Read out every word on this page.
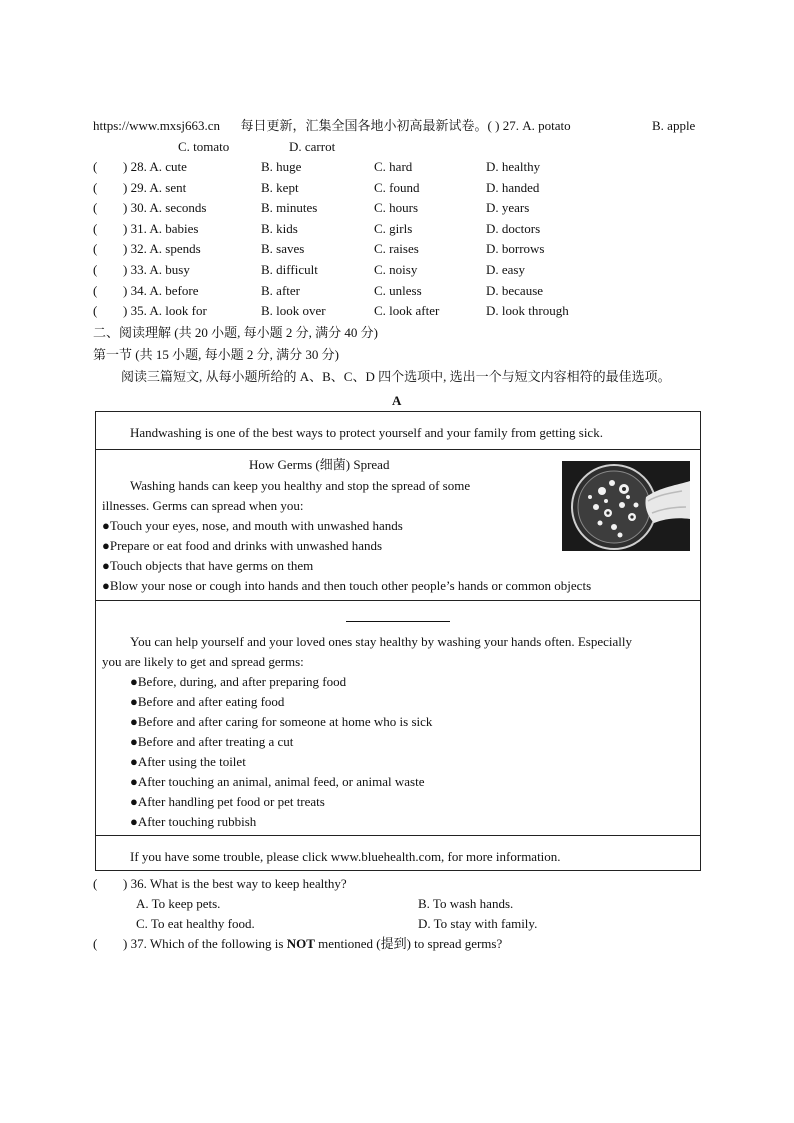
https://www.mxsj663.cn 每日更新，汇集全国各地小初高最新试卷。( ) 27. A. potato	B. apple
C. tomato	D. carrot
( ) 28. A. cute	B. huge	C. hard	D. healthy
( ) 29. A. sent	B. kept	C. found	D. handed
( ) 30. A. seconds	B. minutes	C. hours	D. years
( ) 31. A. babies	B. kids	C. girls	D. doctors
( ) 32. A. spends	B. saves	C. raises	D. borrows
( ) 33. A. busy	B. difficult	C. noisy	D. easy
( ) 34. A. before	B. after	C. unless	D. because
( ) 35. A. look for	B. look over	C. look after	D. look through
二、阅读理解 (共 20 小题, 每小题 2 分, 满分 40 分)
第一节 (共 15 小题, 每小题 2 分, 满分 30 分)
阅读三篇短文, 从每小题所给的 A、B、C、D 四个选项中, 选出一个与短文内容相符的最佳选项。
A
Handwashing is one of the best ways to protect yourself and your family from getting sick.
How Germs (细菌) Spread
Washing hands can keep you healthy and stop the spread of some
illnesses. Germs can spread when you:
●Touch your eyes, nose, and mouth with unwashed hands
●Prepare or eat food and drinks with unwashed hands
●Touch objects that have germs on them
●Blow your nose or cough into hands and then touch other people’s hands or common objects
You can help yourself and your loved ones stay healthy by washing your hands often. Especially
you are likely to get and spread germs:
●Before, during, and after preparing food
●Before and after eating food
●Before and after caring for someone at home who is sick
●Before and after treating a cut
●After using the toilet
●After touching an animal, animal feed, or animal waste
●After handling pet food or pet treats
●After touching rubbish
If you have some trouble, please click www.bluehealth.com, for more information.
( ) 36. What is the best way to keep healthy?
A. To keep pets.	B. To wash hands.
C. To eat healthy food.	D. To stay with family.
( ) 37. Which of the following is NOT mentioned (提到) to spread germs?
